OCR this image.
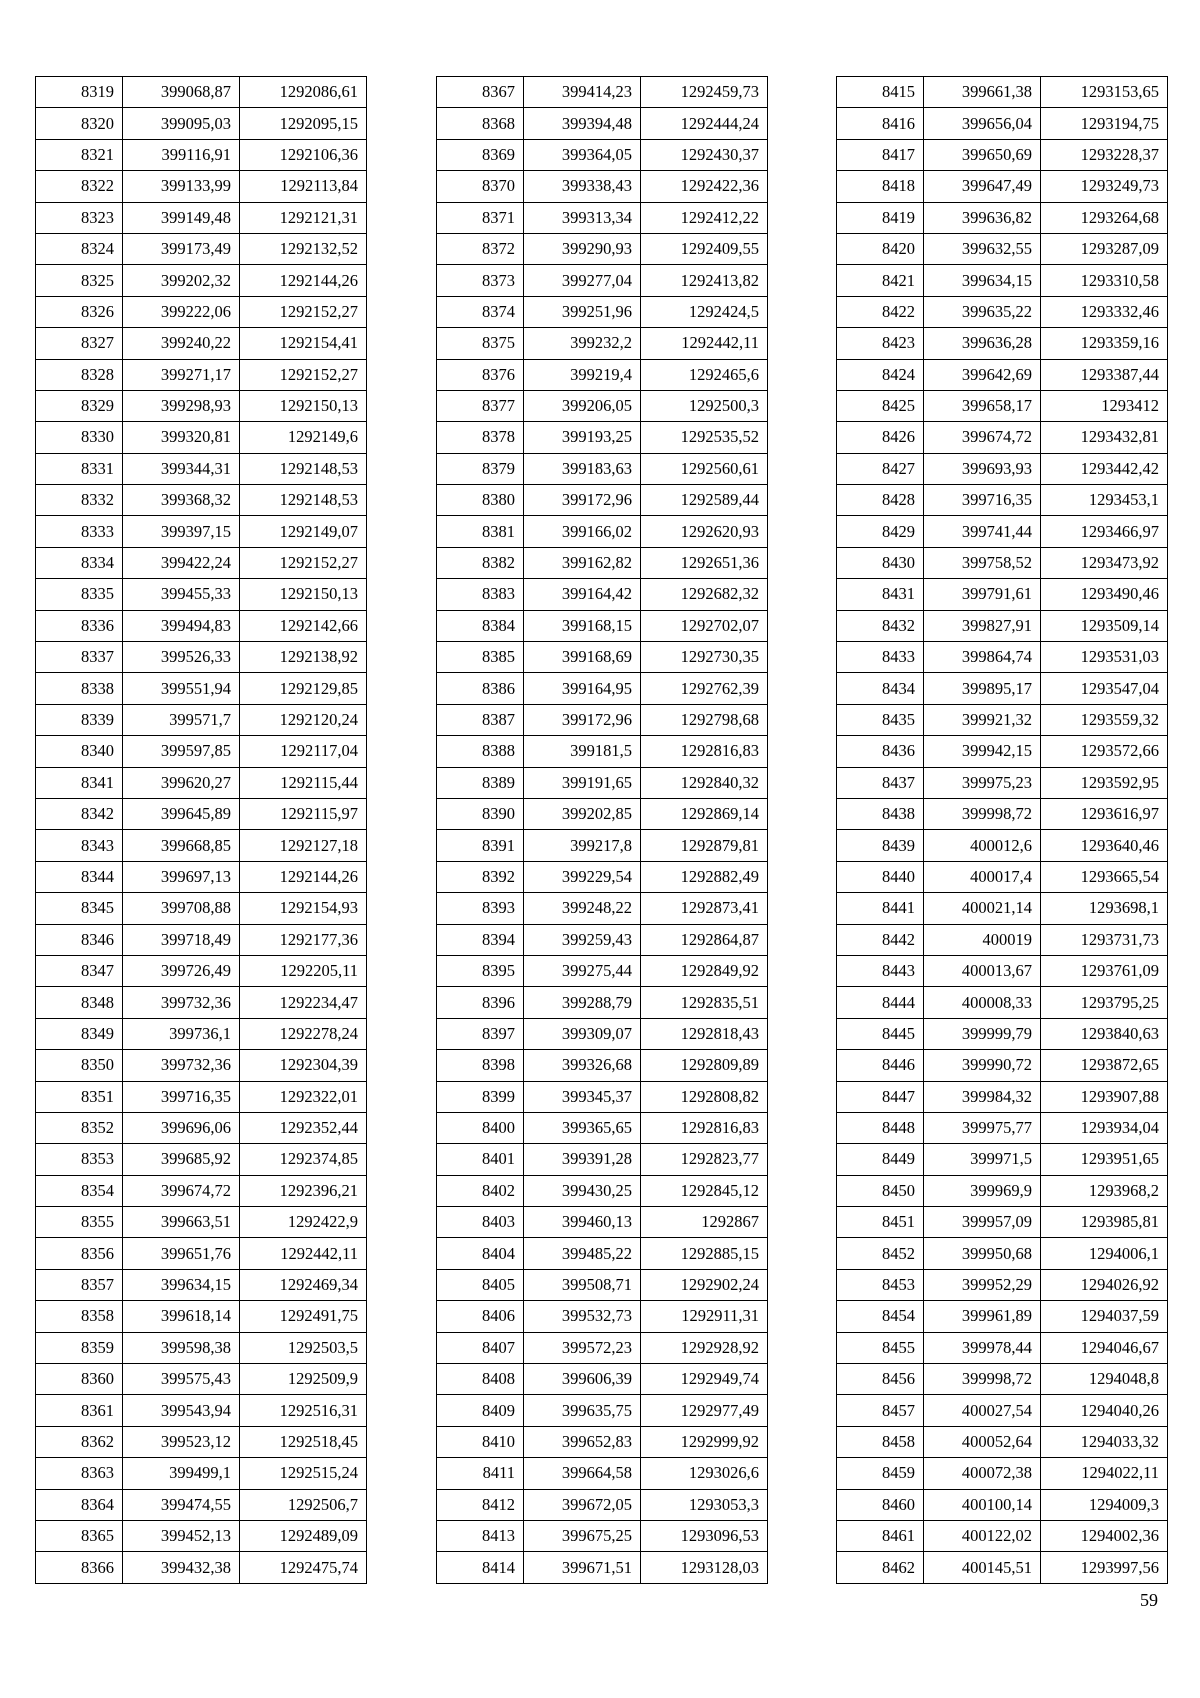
8319	399068,87	1292086,61
8320	399095,03	1292095,15
8321	399116,91	1292106,36
8322	399133,99	1292113,84
8323	399149,48	1292121,31
8324	399173,49	1292132,52
8325	399202,32	1292144,26
8326	399222,06	1292152,27
8327	399240,22	1292154,41
8328	399271,17	1292152,27
8329	399298,93	1292150,13
8330	399320,81	1292149,6
8331	399344,31	1292148,53
8332	399368,32	1292148,53
8333	399397,15	1292149,07
8334	399422,24	1292152,27
8335	399455,33	1292150,13
8336	399494,83	1292142,66
8337	399526,33	1292138,92
8338	399551,94	1292129,85
8339	399571,7	1292120,24
8340	399597,85	1292117,04
8341	399620,27	1292115,44
8342	399645,89	1292115,97
8343	399668,85	1292127,18
8344	399697,13	1292144,26
8345	399708,88	1292154,93
8346	399718,49	1292177,36
8347	399726,49	1292205,11
8348	399732,36	1292234,47
8349	399736,1	1292278,24
8350	399732,36	1292304,39
8351	399716,35	1292322,01
8352	399696,06	1292352,44
8353	399685,92	1292374,85
8354	399674,72	1292396,21
8355	399663,51	1292422,9
8356	399651,76	1292442,11
8357	399634,15	1292469,34
8358	399618,14	1292491,75
8359	399598,38	1292503,5
8360	399575,43	1292509,9
8361	399543,94	1292516,31
8362	399523,12	1292518,45
8363	399499,1	1292515,24
8364	399474,55	1292506,7
8365	399452,13	1292489,09
8366	399432,38	1292475,74
8367	399414,23	1292459,73
8368	399394,48	1292444,24
8369	399364,05	1292430,37
8370	399338,43	1292422,36
8371	399313,34	1292412,22
8372	399290,93	1292409,55
8373	399277,04	1292413,82
8374	399251,96	1292424,5
8375	399232,2	1292442,11
8376	399219,4	1292465,6
8377	399206,05	1292500,3
8378	399193,25	1292535,52
8379	399183,63	1292560,61
8380	399172,96	1292589,44
8381	399166,02	1292620,93
8382	399162,82	1292651,36
8383	399164,42	1292682,32
8384	399168,15	1292702,07
8385	399168,69	1292730,35
8386	399164,95	1292762,39
8387	399172,96	1292798,68
8388	399181,5	1292816,83
8389	399191,65	1292840,32
8390	399202,85	1292869,14
8391	399217,8	1292879,81
8392	399229,54	1292882,49
8393	399248,22	1292873,41
8394	399259,43	1292864,87
8395	399275,44	1292849,92
8396	399288,79	1292835,51
8397	399309,07	1292818,43
8398	399326,68	1292809,89
8399	399345,37	1292808,82
8400	399365,65	1292816,83
8401	399391,28	1292823,77
8402	399430,25	1292845,12
8403	399460,13	1292867
8404	399485,22	1292885,15
8405	399508,71	1292902,24
8406	399532,73	1292911,31
8407	399572,23	1292928,92
8408	399606,39	1292949,74
8409	399635,75	1292977,49
8410	399652,83	1292999,92
8411	399664,58	1293026,6
8412	399672,05	1293053,3
8413	399675,25	1293096,53
8414	399671,51	1293128,03
8415	399661,38	1293153,65
8416	399656,04	1293194,75
8417	399650,69	1293228,37
8418	399647,49	1293249,73
8419	399636,82	1293264,68
8420	399632,55	1293287,09
8421	399634,15	1293310,58
8422	399635,22	1293332,46
8423	399636,28	1293359,16
8424	399642,69	1293387,44
8425	399658,17	1293412
8426	399674,72	1293432,81
8427	399693,93	1293442,42
8428	399716,35	1293453,1
8429	399741,44	1293466,97
8430	399758,52	1293473,92
8431	399791,61	1293490,46
8432	399827,91	1293509,14
8433	399864,74	1293531,03
8434	399895,17	1293547,04
8435	399921,32	1293559,32
8436	399942,15	1293572,66
8437	399975,23	1293592,95
8438	399998,72	1293616,97
8439	400012,6	1293640,46
8440	400017,4	1293665,54
8441	400021,14	1293698,1
8442	400019	1293731,73
8443	400013,67	1293761,09
8444	400008,33	1293795,25
8445	399999,79	1293840,63
8446	399990,72	1293872,65
8447	399984,32	1293907,88
8448	399975,77	1293934,04
8449	399971,5	1293951,65
8450	399969,9	1293968,2
8451	399957,09	1293985,81
8452	399950,68	1294006,1
8453	399952,29	1294026,92
8454	399961,89	1294037,59
8455	399978,44	1294046,67
8456	399998,72	1294048,8
8457	400027,54	1294040,26
8458	400052,64	1294033,32
8459	400072,38	1294022,11
8460	400100,14	1294009,3
8461	400122,02	1294002,36
8462	400145,51	1293997,56
59
